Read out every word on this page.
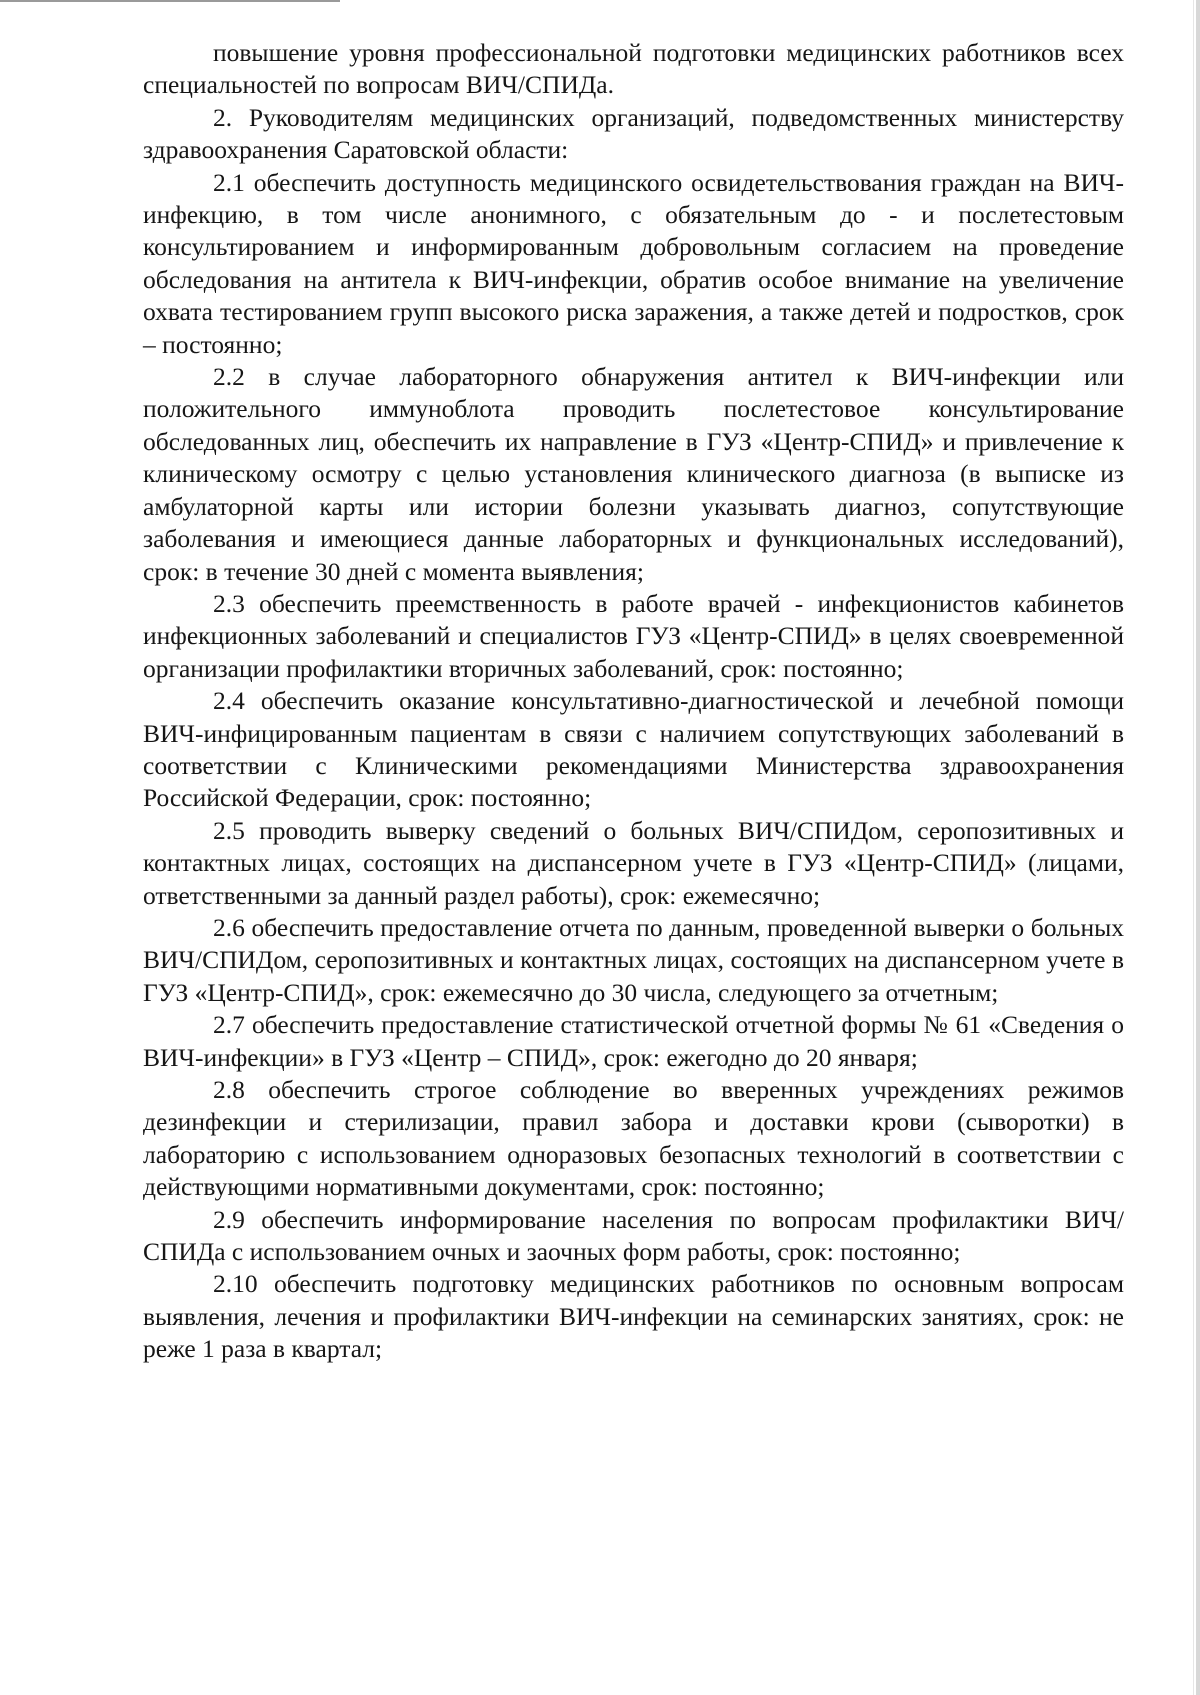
повышение уровня профессиональной подготовки медицинских работников всех специальностей по вопросам ВИЧ/СПИДа.

2. Руководителям медицинских организаций, подведомственных министерству здравоохранения Саратовской области:

2.1 обеспечить доступность медицинского освидетельствования граждан на ВИЧ-инфекцию, в том числе анонимного, с обязательным до - и послетестовым консультированием и информированным добровольным согласием на проведение обследования на антитела к ВИЧ-инфекции, обратив особое внимание на увеличение охвата тестированием групп высокого риска заражения, а также детей и подростков, срок – постоянно;

2.2 в случае лабораторного обнаружения антител к ВИЧ-инфекции или положительного иммуноблота проводить послетестовое консультирование обследованных лиц, обеспечить их направление в ГУЗ «Центр-СПИД» и привлечение к клиническому осмотру с целью установления клинического диагноза (в выписке из амбулаторной карты или истории болезни указывать диагноз, сопутствующие заболевания и имеющиеся данные лабораторных и функциональных исследований), срок: в течение 30 дней с момента выявления;

2.3 обеспечить преемственность в работе врачей - инфекционистов кабинетов инфекционных заболеваний и специалистов ГУЗ «Центр-СПИД» в целях своевременной организации профилактики вторичных заболеваний, срок: постоянно;

2.4 обеспечить оказание консультативно-диагностической и лечебной помощи ВИЧ-инфицированным пациентам в связи с наличием сопутствующих заболеваний в соответствии с Клиническими рекомендациями Министерства здравоохранения Российской Федерации, срок: постоянно;

2.5 проводить выверку сведений о больных ВИЧ/СПИДом, серопозитивных и контактных лицах, состоящих на диспансерном учете в ГУЗ «Центр-СПИД» (лицами, ответственными за данный раздел работы), срок: ежемесячно;

2.6 обеспечить предоставление отчета по данным, проведенной выверки о больных ВИЧ/СПИДом, серопозитивных и контактных лицах, состоящих на диспансерном учете в ГУЗ «Центр-СПИД», срок: ежемесячно до 30 числа, следующего за отчетным;

2.7 обеспечить предоставление статистической отчетной формы № 61 «Сведения о ВИЧ-инфекции» в ГУЗ «Центр – СПИД», срок: ежегодно до 20 января;

2.8 обеспечить строгое соблюдение во вверенных учреждениях режимов дезинфекции и стерилизации, правил забора и доставки крови (сыворотки) в лабораторию с использованием одноразовых безопасных технологий в соответствии с действующими нормативными документами, срок: постоянно;

2.9 обеспечить информирование населения по вопросам профилактики ВИЧ/СПИДа с использованием очных и заочных форм работы, срок: постоянно;

2.10 обеспечить подготовку медицинских работников по основным вопросам выявления, лечения и профилактики ВИЧ-инфекции на семинарских занятиях, срок: не реже 1 раза в квартал;
